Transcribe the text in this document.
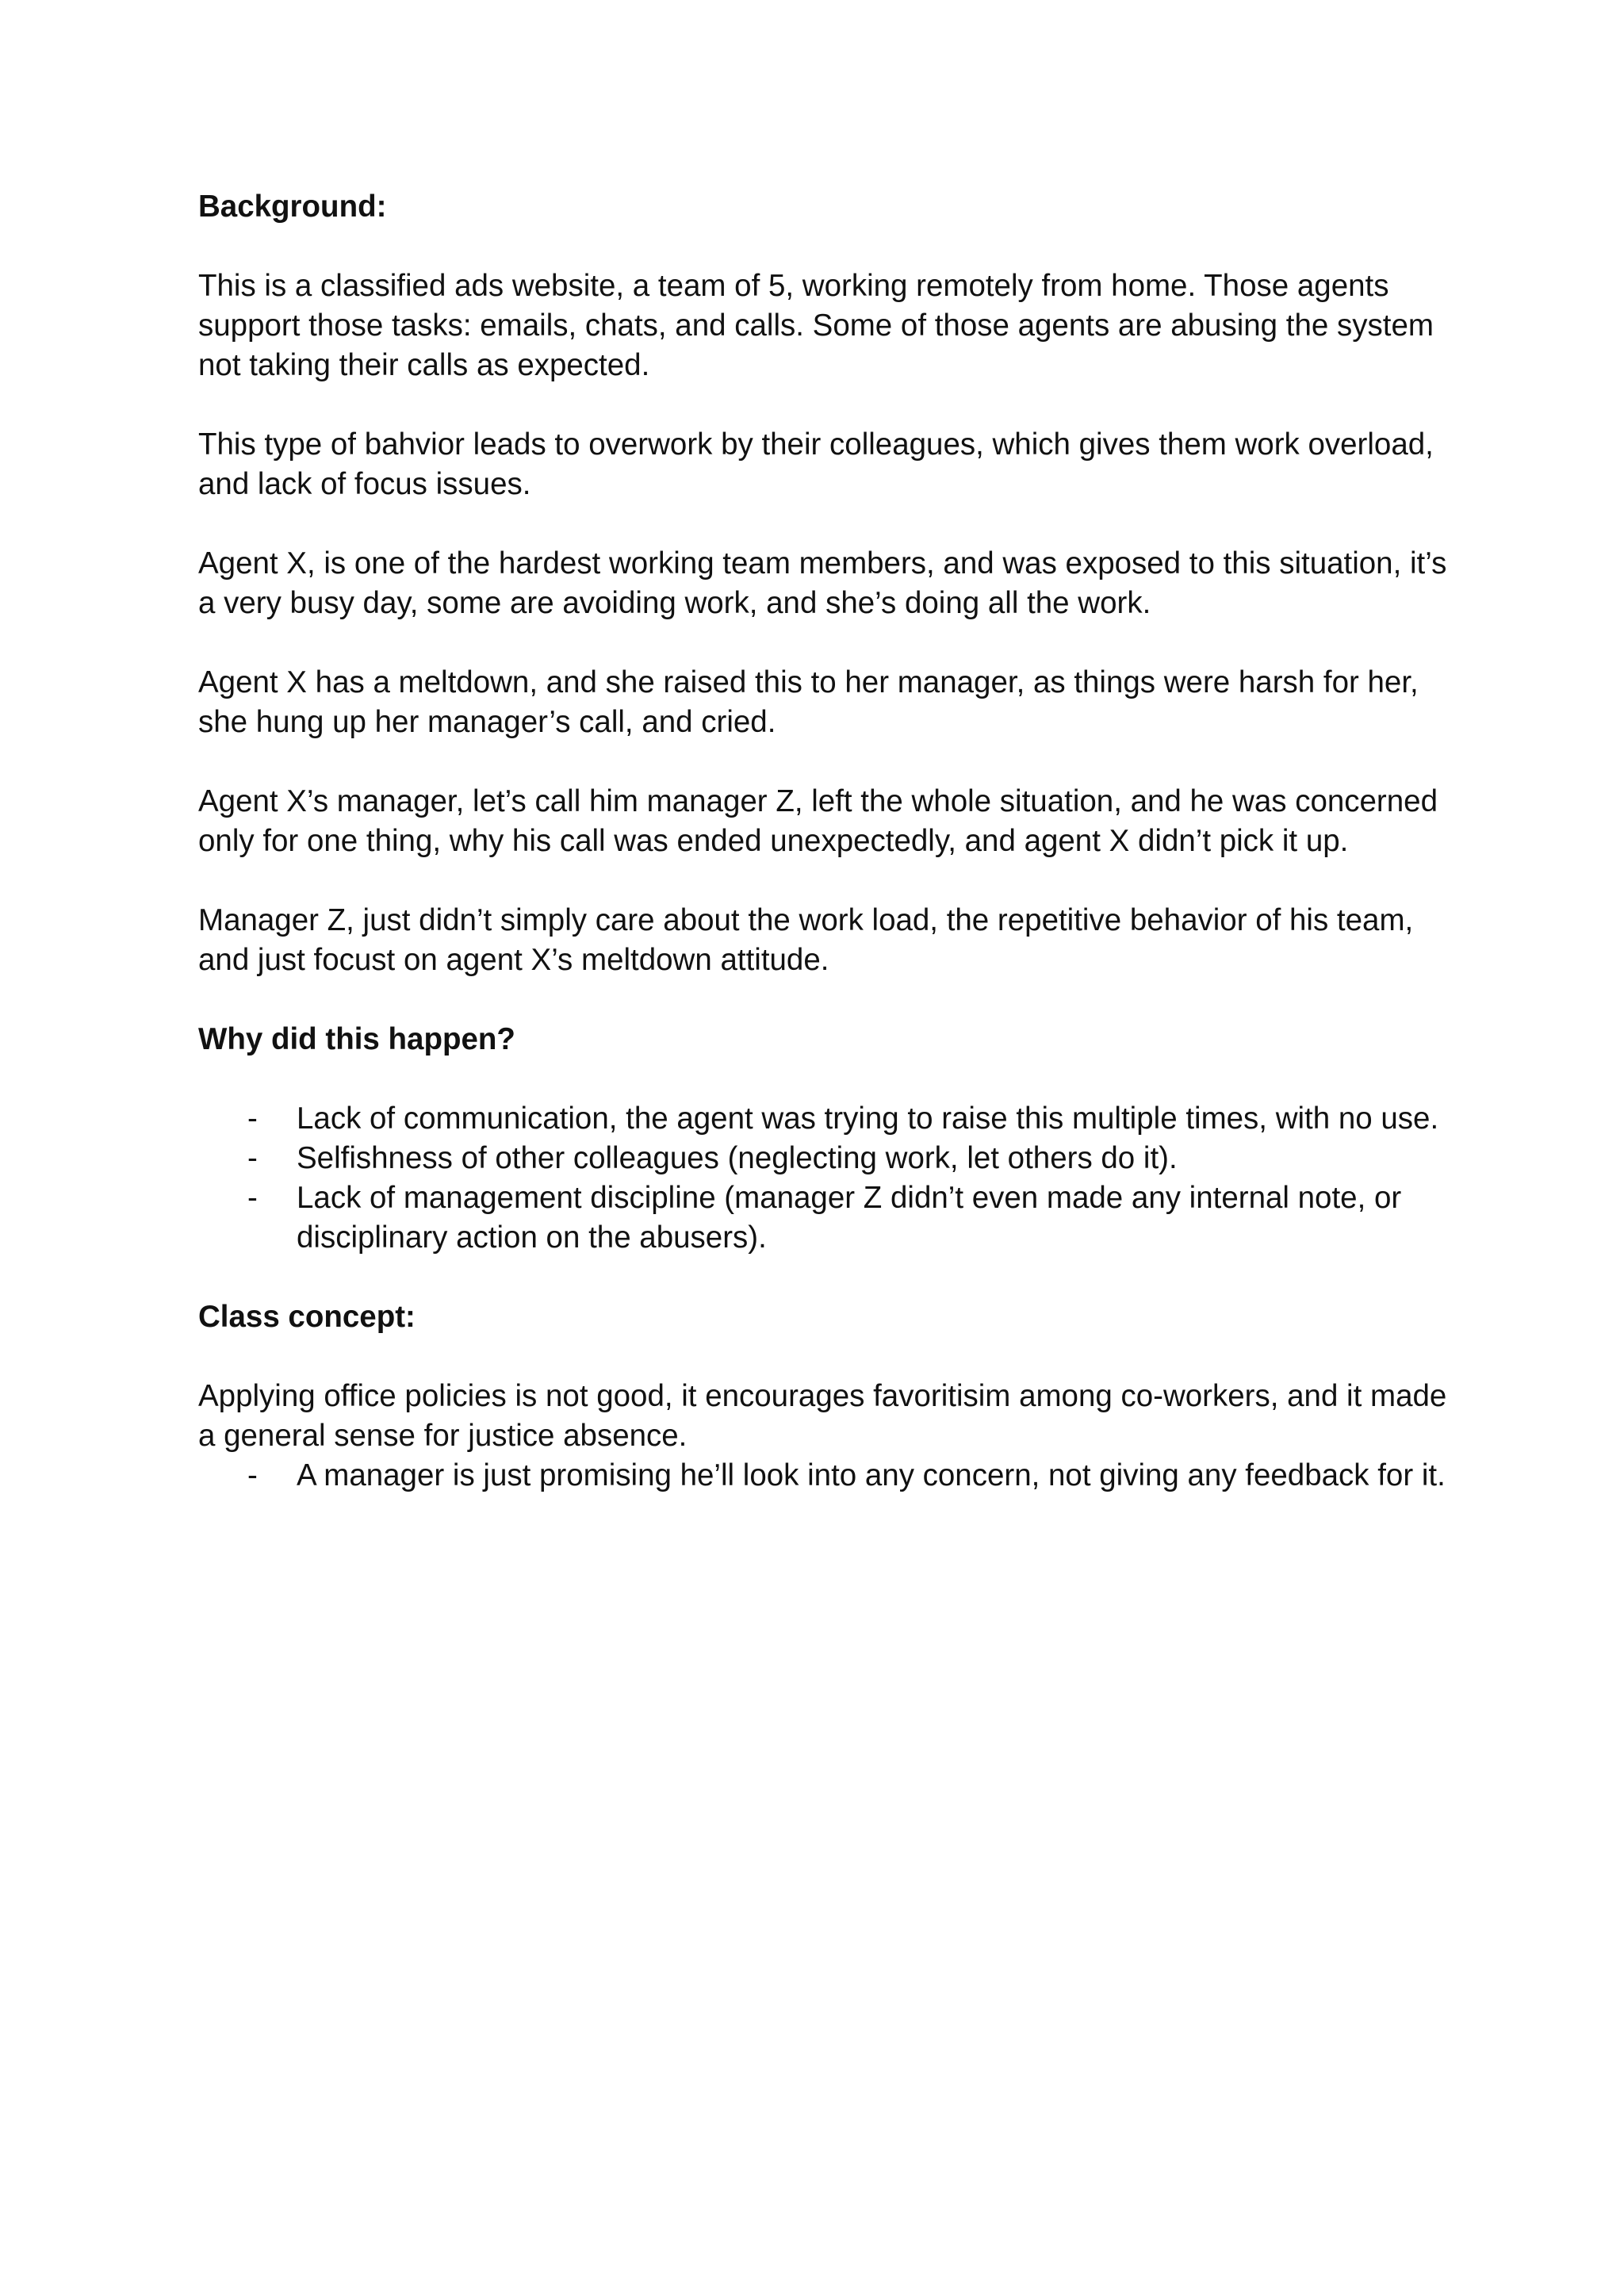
Background:

This is a classified ads website, a team of 5, working remotely from home. Those agents support those tasks: emails, chats, and calls. Some of those agents are abusing the system not taking their calls as expected.

This type of bahvior leads to overwork by their colleagues, which gives them work overload, and lack of focus issues.

Agent X, is one of the hardest working team members, and was exposed to this situation, it’s a very busy day, some are avoiding work, and she’s doing all the work.

Agent X has a meltdown, and she raised this to her manager, as things were harsh for her, she hung up her manager’s call, and cried.

Agent X’s manager, let’s call him manager Z, left the whole situation, and he was concerned only for one thing, why his call was ended unexpectedly, and agent X didn’t pick it up.

Manager Z, just didn’t simply care about the work load, the repetitive behavior of his team, and just focust on agent X’s meltdown attitude.

Why did this happen?
- Lack of communication, the agent was trying to raise this multiple times, with no use.
- Selfishness of other colleagues (neglecting work, let others do it).
- Lack of management discipline (manager Z didn’t even made any internal note, or disciplinary action on the abusers).
Class concept:

Applying office policies is not good, it encourages favoritisim among co-workers, and it made a general sense for justice absence.

- A manager is just promising he’ll look into any concern, not giving any feedback for it.
